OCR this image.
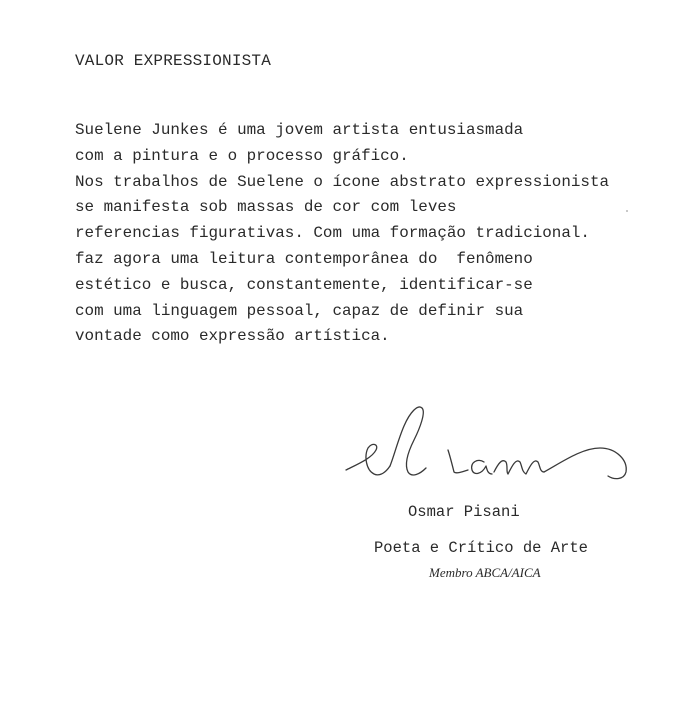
VALOR EXPRESSIONISTA
Suelene Junkes é uma jovem artista entusiasmada
com a pintura e o processo gráfico.
Nos trabalhos de Suelene o ícone abstrato expressionista
se manifesta sob massas de cor com leves
referencias figurativas. Com uma formação tradicional.
faz agora uma leitura contemporânea do  fenômeno
estético e busca, constantemente, identificar-se
com uma linguagem pessoal, capaz de definir sua
vontade como expressão artística.
Osmar Pisani
Poeta e Crítico de Arte
Membro ABCA/AICA
